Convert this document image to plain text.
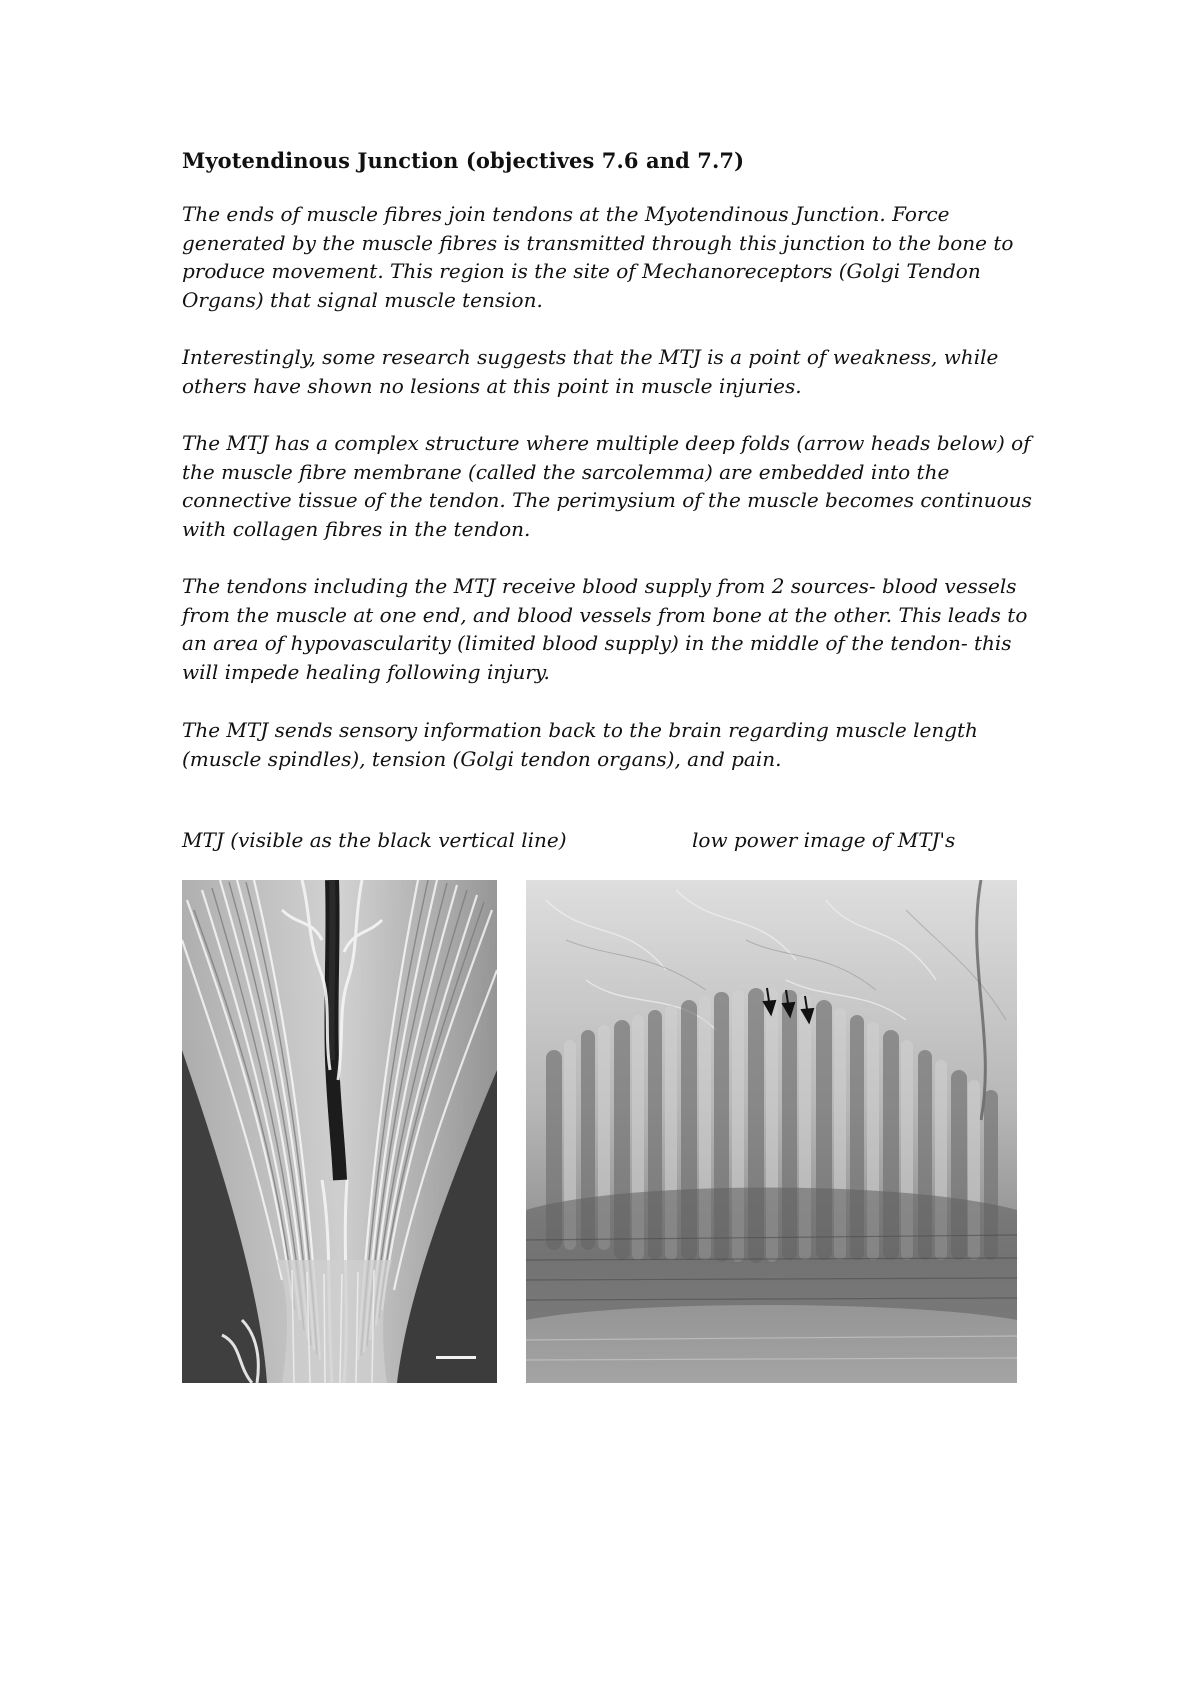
Myotendinous Junction (objectives 7.6 and 7.7)
The ends of muscle fibres join tendons at the Myotendinous Junction. Force
generated by the muscle fibres is transmitted through this junction to the bone to
produce movement. This region is the site of Mechanoreceptors (Golgi Tendon
Organs) that signal muscle tension.
Interestingly, some research suggests that the MTJ is a point of weakness, while
others have shown no lesions at this point in muscle injuries.
The MTJ has a complex structure where multiple deep folds (arrow heads below) of
the muscle fibre membrane (called the sarcolemma) are embedded into the
connective tissue of the tendon. The perimysium of the muscle becomes continuous
with collagen fibres in the tendon.
The tendons including the MTJ receive blood supply from 2 sources- blood vessels
from the muscle at one end, and blood vessels from bone at the other. This leads to
an area of hypovascularity (limited blood supply) in the middle of the tendon- this
will impede healing following injury.
The MTJ sends sensory information back to the brain regarding muscle length
(muscle spindles), tension (Golgi tendon organs), and pain.
MTJ (visible as the black vertical line)	low power image of MTJ's
